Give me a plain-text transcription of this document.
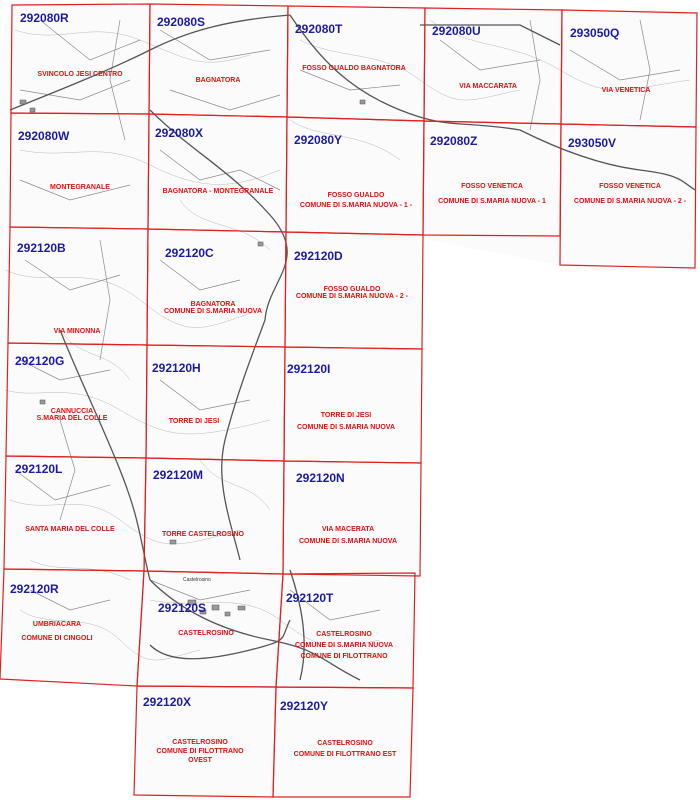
Castelrosino
292080R
SVINCOLO JESI CENTRO
292080S
BAGNATORA
292080T
FOSSO GUALDO BAGNATORA
292080U
VIA MACCARATA
293050Q
VIA VENETICA
292080W
MONTEGRANALE
292080X
BAGNATORA - MONTEGRANALE
292080Y
FOSSO GUALDO
COMUNE DI S.MARIA NUOVA - 1 -
292080Z
FOSSO VENETICA
COMUNE DI S.MARIA NUOVA - 1
293050V
FOSSO VENETICA
COMUNE DI S.MARIA NUOVA - 2 -
292120B
VIA MINONNA
292120C
BAGNATORA
COMUNE DI S.MARIA NUOVA
292120D
FOSSO GUALDO
COMUNE DI S.MARIA NUOVA - 2 -
292120G
CANNUCCIA
S.MARIA DEL COLLE
292120H
TORRE DI JESI
292120I
TORRE DI JESI
COMUNE DI S.MARIA NUOVA
292120L
SANTA MARIA DEL COLLE
292120M
TORRE CASTELROSINO
292120N
VIA MACERATA
COMUNE DI S.MARIA NUOVA
292120R
UMBRIACARA
COMUNE DI CINGOLI
292120S
CASTELROSINO
292120T
CASTELROSINO
COMUNE DI S.MARIA NUOVA
COMUNE DI FILOTTRANO
292120X
CASTELROSINO
COMUNE DI FILOTTRANO
OVEST
292120Y
CASTELROSINO
COMUNE DI FILOTTRANO EST
